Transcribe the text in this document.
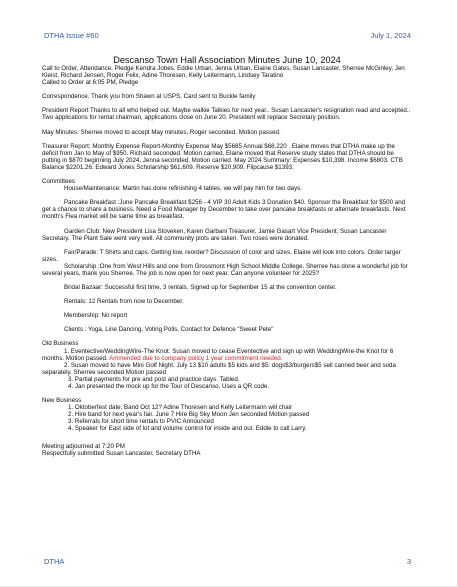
DTHA Issue #60	July 1, 2024

Descanso Town Hall Association Minutes June 10, 2024

Call to Order, Attendance, Pledge Kendra Jobes, Eddie Urban, Jenna Urban, Elaine Gates, Susan Lancaster, Sherree McGinley, Jen Kleist, Richard Jensen, Roger Felix, Adine Thoresen, Kelly Leitermann, Lindsey Taratino

Called to Order at 6:05 PM, Pledge

Correspondence. Thank you from Shawn at USPS, Card sent to Buckle family

President Report Thanks to all who helped out. Maybe walkie Talkies for next year.. Susan Lancaster's resignation read and accepted.. Two applications for rental chairman, applications close on June 20. President will replace Secretary position.

May Minutes: Sherree moved to accept May minutes, Roger seconded. Motion passed.

Treasurer Report: Monthly Expense Report-Monthly Expense May $5685 Annual $68,220 . Elaine moves that DTHA make up the deficit from Jan to May of $950. Richard seconded. Motion carried. Elaine moved that Reserve study states that DTHA should be putting in $870 beginning July 2024. Jenna seconded. Motion carried. May 2024 Summary: Expenses $10,398. Income $6803. CTB Balance $2201.26. Edward Jones Scholarship $61,609. Reserve $20,909. Flipcause $1393.

Committees

House/Maintenance: Martin has done refinishing 4 tables, we will pay him for two days.

Pancake Breakfast :June Pancake Breakfast $256 - 4 VIP 30 Adult Kids 3 Donation $40. Sponsor the Breakfast for $500 and get a chance to share a business. Need a Food Manager by December to take over pancake breakfasts or alternate breakfasts. Next month's Flea market will be same time as breakfast.

Garden Club: New President Lisa Stoveken, Karen Garbani Treasurer, Jamie Gasart Vice President, Susan Lancaster Secretary. The Plant Sale went very well. All community plots are taken. Two roses were donated.

Fair/Parade: T Shirts and caps. Getting low, reorder? Discussion of color and sizes. Elaine will look into colors. Order larger sizes.

Scholarship :One from West Hills and one from Grossmont High School Middle College. Sherree has done a wonderful job for several years, thank you Sherree. The job is now open for next year. Can anyone volunteer for 2025?

Bridal Bazaar: Successful first time, 3 rentals. Signed up for September 15 at the convention center.

Rentals: 12 Rentals from now to December.

Membership: No report

Clients : Yoga, Line Dancing, Voting Polls, Contact for Defence "Sweet Pete"

Old Business

1. Eventective/WeddingWire-The Knot: Susan moved to cease Eventective and sign up with WeddingWire-the Knot for 6 months. Motion passed. Ammended due to company policy 1 year commitment needed.

2. Susan moved to have Mini Golf Night. July 13 $10 adults $5 kids and $5: dogs$3/burgers$5 sell canned beer and soda separately. Sherree seconded Motion passed

3. Partial payments for pre and post and practice days. Tabled.

4. Jan presented the mock up for the Tour of Descanso. Uses a QR code.

New Business

1. Oktoberfest date. Band Oct 12? Adine Thoresen and Kelly Leitermann will chair

2. Hire band for next year's fair. June 7 Hire Big Sky Moon Jen seconded Motion passed

3. Referrals for short time rentals to PVIC Announced

4. Speaker for East side of lot and volume control for inside and out. Eddie to call Larry.

Meeting adjourned at 7:20 PM

Respectfully submitted Susan Lancaster, Secretary DTHA

DTHA	3
